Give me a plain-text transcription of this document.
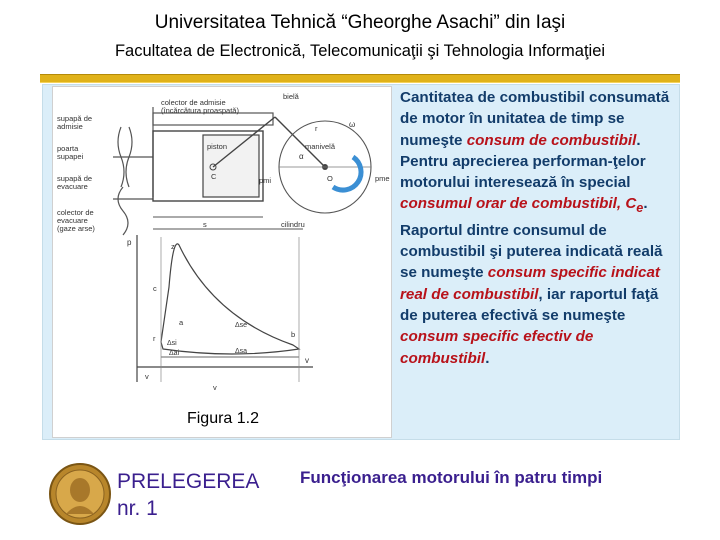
Universitatea Tehnică “Gheorghe Asachi” din Iaşi
Facultatea de Electronică, Telecomunicaţii şi Tehnologia Informaţiei
colector de admisie
(încărcătura proaspată)
supapă de
admisie
poarta
supapei
supapă de
evacuare
colector de
evacuare
(gaze arse)
bielă
manivelă
piston
pmi	pme
cilindru
C	O
α
ω
r
s
p
v
z
c
a
b
r
v
v
Δsi
Δse
Δai	Δsa
Figura 1.2
Cantitatea de combustibil consumată de motor în unitatea de timp se numeşte consum de combustibil. Pentru aprecierea performan-ţelor motorului interesează în special consumul orar de combustibil, $C_e$. Raportul dintre consumul de combustibil şi puterea indicată reală se numeşte consum specific indicat real de combustibil, iar raportul faţă de puterea efectivă se numeşte consum specific efectiv de combustibil.
PRELEGEREA
nr. 1
Funcţionarea motorului în patru timpi
